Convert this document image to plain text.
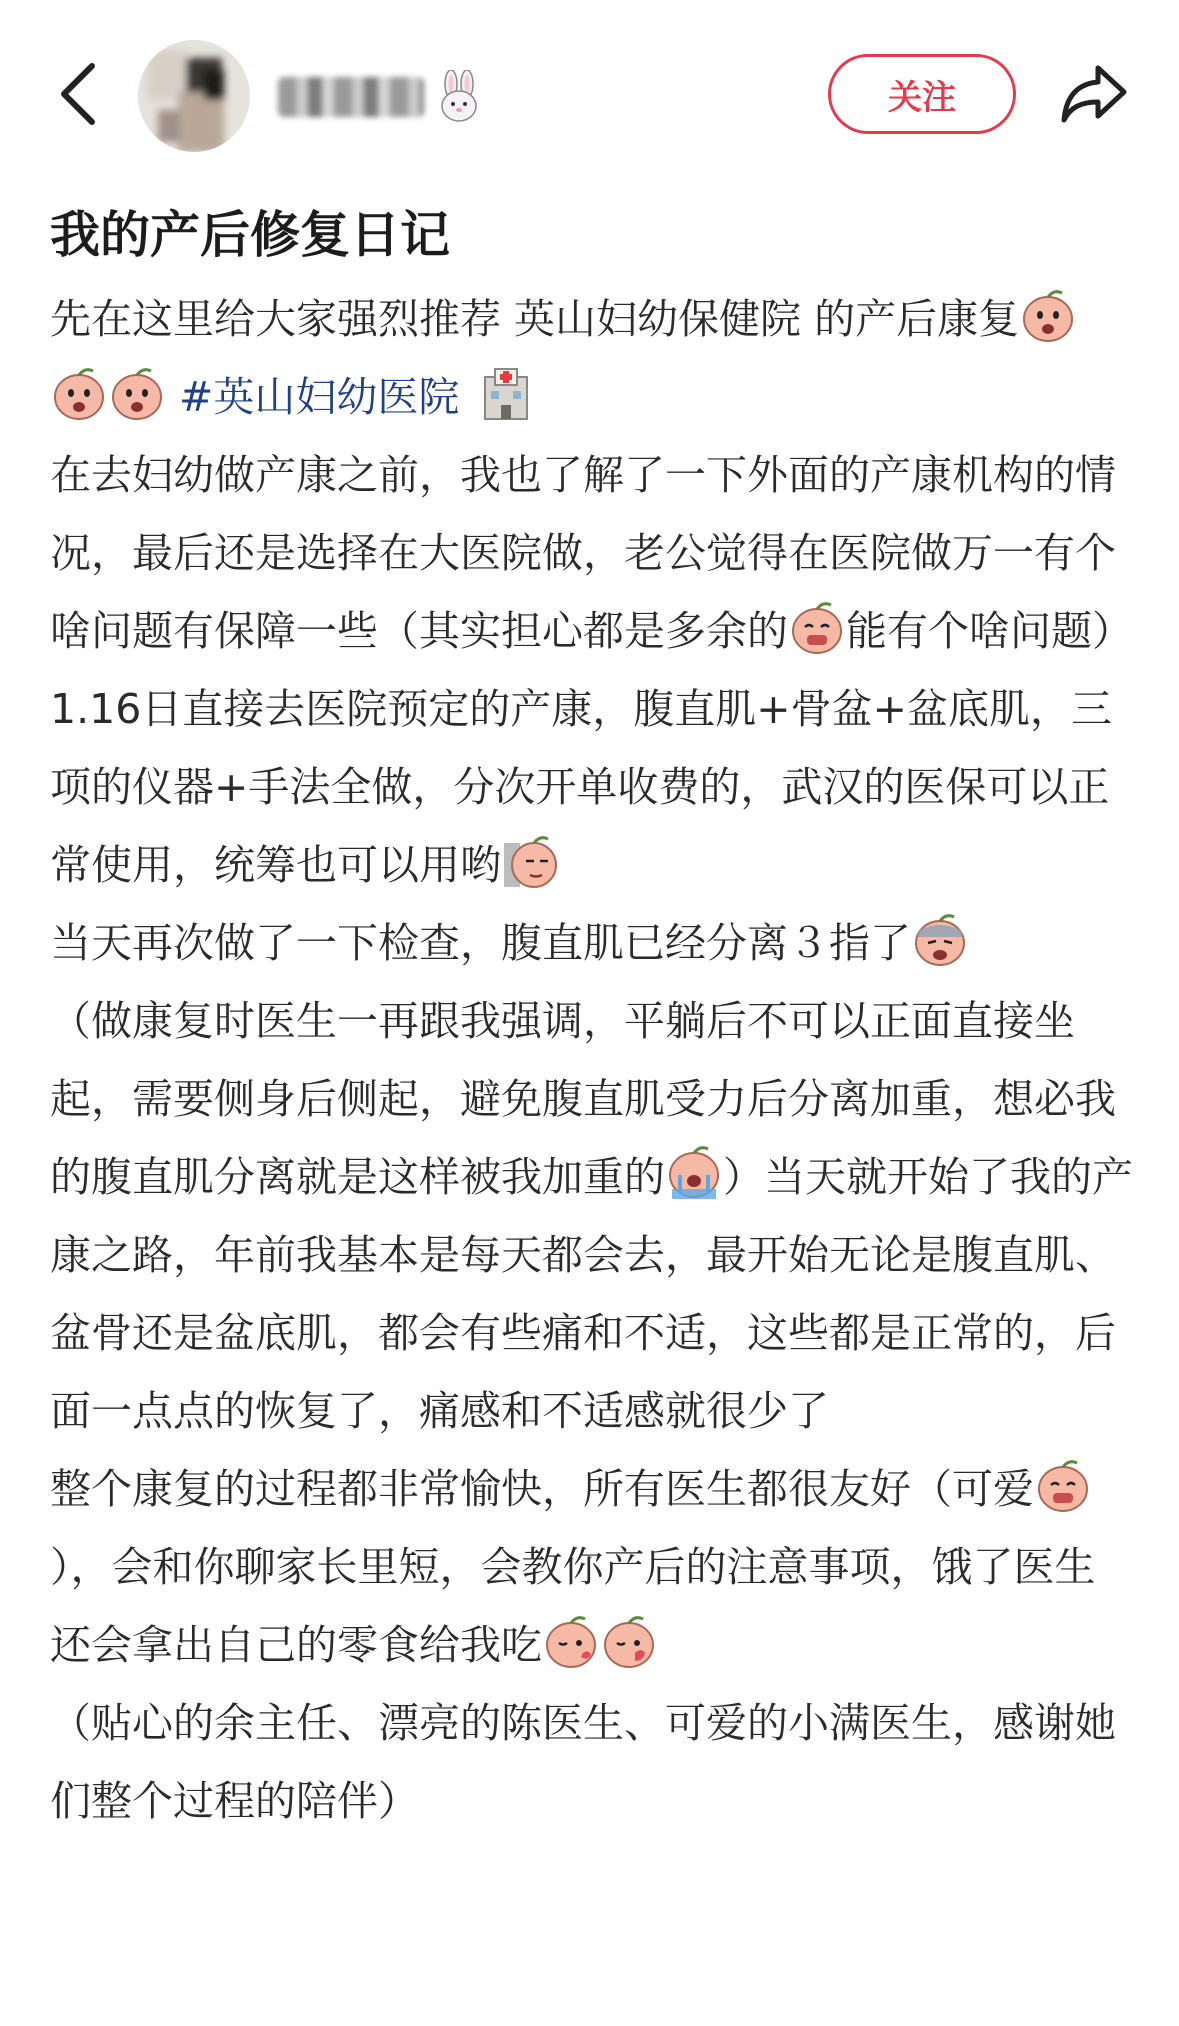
关注
我的产后修复日记

先在这里给大家强烈推荐 英山妇幼保健院 的产后康复 #英山妇幼医院

在去妇幼做产康之前，我也了解了一下外面的产康机构的情况，最后还是选择在大医院做，老公觉得在医院做万一有个啥问题有保障一些（其实担心都是多余的 能有个啥问题）

1.16日直接去医院预定的产康，腹直肌+骨盆+盆底肌，三项的仪器+手法全做，分次开单收费的，武汉的医保可以正常使用，统筹也可以用哟

当天再次做了一下检查，腹直肌已经分离３指了

（做康复时医生一再跟我强调，平躺后不可以正面直接坐起，需要侧身后侧起，避免腹直肌受力后分离加重，想必我的腹直肌分离就是这样被我加重的 ）当天就开始了我的产康之路，年前我基本是每天都会去，最开始无论是腹直肌、盆骨还是盆底肌，都会有些痛和不适，这些都是正常的，后面一点点的恢复了，痛感和不适感就很少了

整个康复的过程都非常愉快，所有医生都很友好（可爱），会和你聊家长里短，会教你产后的注意事项，饿了医生还会拿出自己的零食给我吃

（贴心的余主任、漂亮的陈医生、可爱的小满医生，感谢她们整个过程的陪伴）
